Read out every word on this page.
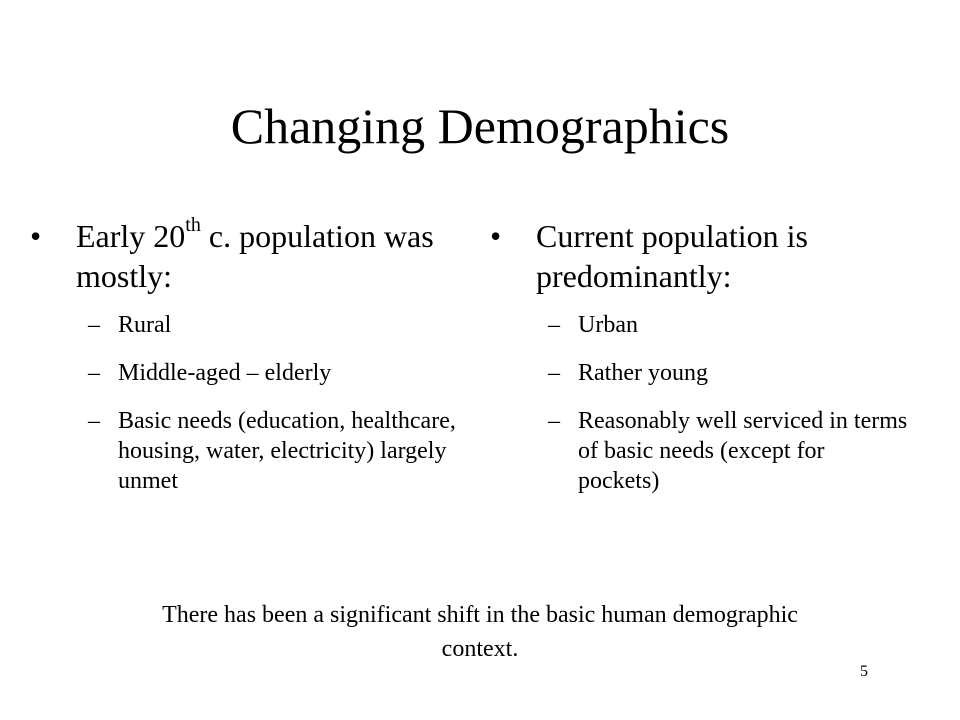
Changing Demographics
•	Early 20th c. population was mostly:
– Rural
– Middle-aged – elderly
– Basic needs (education, healthcare, housing, water, electricity) largely unmet
•	Current population is predominantly:
– Urban
– Rather young
– Reasonably well serviced in terms of basic needs (except for pockets)
There has been a significant shift in the basic human demographic context.
5
